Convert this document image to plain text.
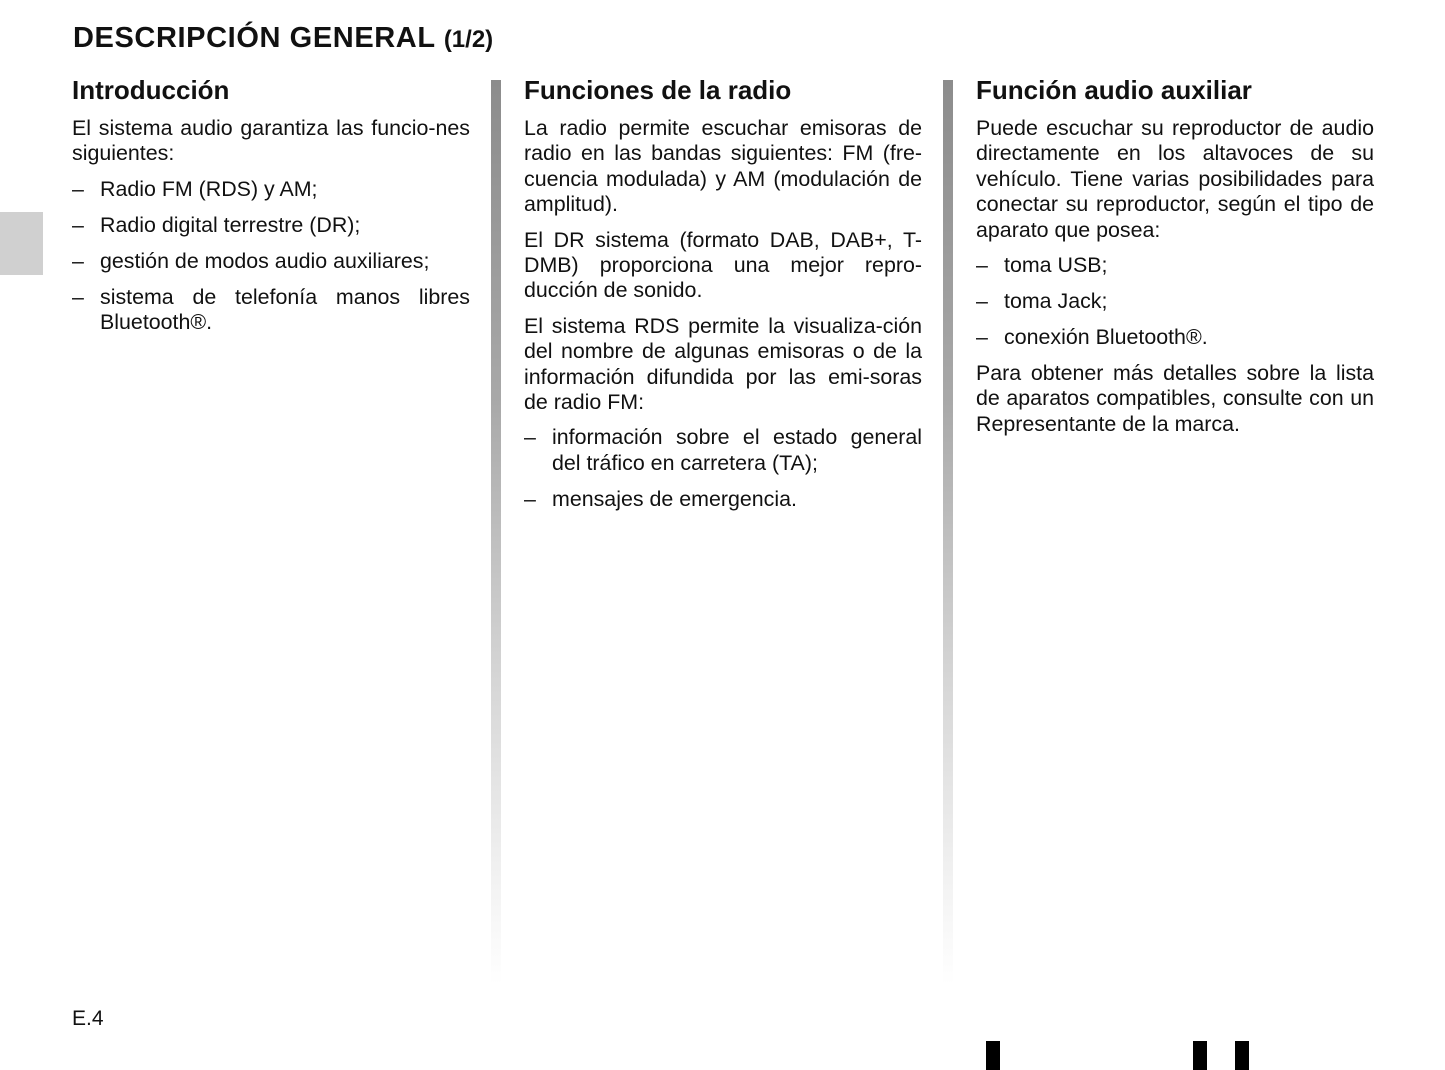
DESCRIPCIÓN GENERAL (1/2)
Introducción

El sistema audio garantiza las funcio-nes siguientes:

– Radio FM (RDS) y AM;
– Radio digital terrestre (DR);
– gestión de modos audio auxiliares;
– sistema de telefonía manos libres Bluetooth®.
Funciones de la radio

La radio permite escuchar emisoras de radio en las bandas siguientes: FM (fre-cuencia modulada) y AM (modulación de amplitud).

El DR sistema (formato DAB, DAB+, T-DMB) proporciona una mejor repro-ducción de sonido.

El sistema RDS permite la visualiza-ción del nombre de algunas emisoras o de la información difundida por las emi-soras de radio FM:

– información sobre el estado general del tráfico en carretera (TA);
– mensajes de emergencia.
Función audio auxiliar

Puede escuchar su reproductor de audio directamente en los altavoces de su vehículo. Tiene varias posibilidades para conectar su reproductor, según el tipo de aparato que posea:

– toma USB;
– toma Jack;
– conexión Bluetooth®.

Para obtener más detalles sobre la lista de aparatos compatibles, consulte con un Representante de la marca.

E.4
